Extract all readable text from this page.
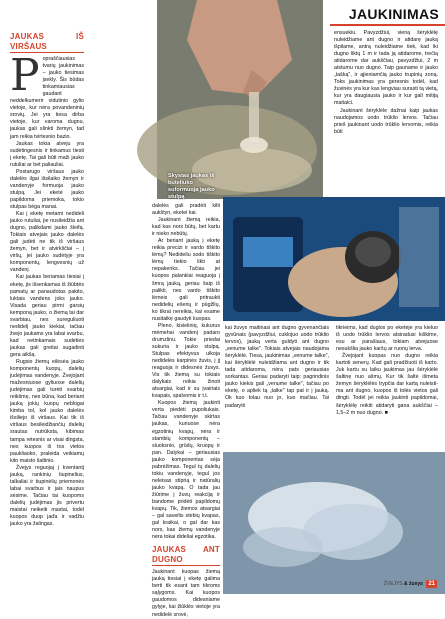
Skystas jaukas iš buteliuko suformuoja jauko stulpą
JAUKINIMAS
JAUKAS IŠ VIRŠAUS
P opraščiausias tvarių jaukinimas – jauko tiesimas įsekly. Šis būdas tinkamiausias gaudant neddelkumerir vidutinio gylio vietoje, kur nėra povandeninių srovių. Jei yra tiesa dirba vietoje, kur varoma dugnu, jaukas gali slinkti žemyn, tad jam reikia tvirtesnio bazio.

Jaukas tokia atveju yra sudėtingesnis ir tinkamus tiesti į eketę. Tai gali būti maži jauko rutuliai ar bet paliauliai.

Postarugo viršaus jauko dalelės ilgai išsilaiko žemyn ir vandenyje formuoja jauko stulpą. Jei eketė jauko papildoma priemoka, tokio stulpas bėga manai.

Kai į eketę metami nedideli jauko rutuliai, jie nusileidžia ant dugno, palikdami jauko šleifą. Tokiais atvejais jauko dalelės gali judėti ne tik iš viršaus žemyn, bet ir atvirkščiai – į viršų, jei jauko sudėtyje yra komponentų, lengvesnių už vandenį.

Kai jaukas beriamas tiesiai į eketę, jis išsenkamas iš žiūbtės pamatų ar panaudotas pakito, luktais vandens joks jauko. Visada geriau pirmi garsių kemponą jauko, o žiemą tai dar svarbiau, nes sureguliuoti nedidelį jauko kiekiai, tačiau žvejo jaukams yra labai svarbu, kad netinkamais sudėties jaukas gali greitai sugadinti gera aikšą.

Rugsio žiemų eilėsėa jauko komponentų kuopų, dalelių judėjimas vandenyje. Žvejojant mažesniuose gyliuose dalelių judėjimas gali turėti svarbių reikšmę, nes būna, kad beriant jauką jokių kuopų neblogai kimba tol, kol jauko dalelės išsiliejo iš viršaus. Kai tik iš viršaus besileidžiančių dalelių srautas nutrūksta, kibimas tampa retesnis ar visai dingsta, nes kuopos iš tos vietos paukliaoko, praleida veikiamų kito maisto šaltinio.

Žvejys reguojaj į kventantį jauką, rankinių tiupinelius, talkaliai ir tiupinėlių priemonės labai svarbus ir jais naupus sėsime. Tačiau tai kuopoms dalelių judėjimas jis privertu maistai neikeiti mastai, todėl kuopos duop jaďa ir vadžiu jauko yra žalingas.

dalelės gali pradėti kilti aukštyn, eketei kai.

Jaukinant žiemą reikia, kad kas nors būtų, bet kartu ir nieko nebūtų.

Ar beriant jauką į eketę reikia precizi ir vardo tiškito lėmų? Nedideliu sodo tiškito lėmų tiekio likti at nepakenks. Tačiau jei kuopos palankiai reaguoja į šmrą jauką, geriau šaip iš palikti, nes vardo tiškito lėmeis gali pritraukti nedidelių ešerių ir pūgžlių, ko tikrai nereikia, kai esame nusitaikę gaudyti kuopas.

Pleno, kisieliniq, kukurus mėmehai vandenį padaro drumzlinu. Tokie priedai sukuria ir jauko stulpą. Stulpas efektyvus ulkoja nedidelės karpinės žuvis, į jį reaguoja ir didesnės žuvys. Vis tik žiemą su tokiais dalykais reikia žinoti atsargiai, kad ir su įvairiais kvapais, spalvomis ir t.t.

Kuopos žiemą jaukinti verta piedėti pupoliukais. Tačiau vandenyje skirtas jaukas, kuriuose nėra egzotinių kvapų, nėra ir stambių komponentų – sluoksnio, grūdų, kruopų ir pan. Dalykai – geriausias jauko komponentas sėja pabrėžimas. Tegul tų dalelių tokiu vandenyje, tegul jos neleisas stiprią ir natūralių jauko kvapą. O tada jau žiūrime į žuvų reakciją ir bandome pridėti papildomų kvapų. Tik, žiemos atsargiai – gal saveilis stebių kvapas, gal kraikai, o gal dar kas nors, kas žiemų vandenyje nėra tokai dideliai egzotika.

JAUKAS ANT DUGNO

Jaukinant kuopas žiemą jauką tiesiai į eketę galima berti tik esant tam tikroms sąlygoms. Kai kuopos gaudomos didesniame gylyje, kai žiūklės vietoje yra nedidelė srovė,

ensuekiu. Pavyzdžiui, vieną šėryklėlę nuleidžiame ant dugno ir atidarę jauką išpilame, antrą nuleidžiame tiek, kad iki dugno liktų 1 m ir tada ją atidarome, trečią atidarome dar aukščiau, pavyzdžiui, 2 m atstumu nuo dugno. Taip gauname ir jauko „tašką", ir ąjieniamčią jauko trupinių zoną. Toks jaukinimas yra geresnis todėl, kad žuvinės yra kur kas lengviau surasti tą vietą, kur yra daugiausia jauko ir kur gali mitiją maitalci.

Jaukinant šėryklėle dažnai kaip jaukas naudojamos uodo trūklio lervos. Tačiau prieš jaukinant uodo trūklio lervomis, reikia būti

kai žuvys maitinasi ant dugno gyvenančiais gyvūnais (pavyzdžiui, cuklojuo uodo trūklio lervos), jauką verta guldyti ant dugno „venume talke". Tokiais atvejais naudojama šėryklėlė. Tiesa, jaukinimas „venume talke", kai šėryklėlė nuleidžiama ant dugno ir tik tada atidaroma, nėra pats geriausias sorkantas. Geriau padaryti taip: pagrindinis jauko kiekis gali „venume talke", tačiau po eketę, o apliek tą „talke" tap pat ir į jauką. Ok kuo tolau nuo jo, kuo mačiau. Tai padarytii

tikrieims, kad duglos po eketėje yra kieluo iš uodo trūklio lervos atsiradusi kiškime, esu ar parašiaus, tokiam atvejuose nesukšlia jauko karšų ar ruonų lerva.

Žvejojant kuopas nuo dugno reikia kartoti senerų. Kad gali pradžiuoti iš karto. Juk kartu su laiku jaukimas jau šėryklėlė šaltinę nuo ašmų. Kur tik šaltė išmeta žemyn šėryklėlės trypčia dar kartą nuleisti-ma ant dugno, kuopos iš tolės vietos gali dingti. Todėl jei reikia jaukinti papildomai, šėryklėlę reikiti atidaryti gana aukščiai – 1,5–2 m nuo dugno. ■

ŽVEJYS & žuvys 21
